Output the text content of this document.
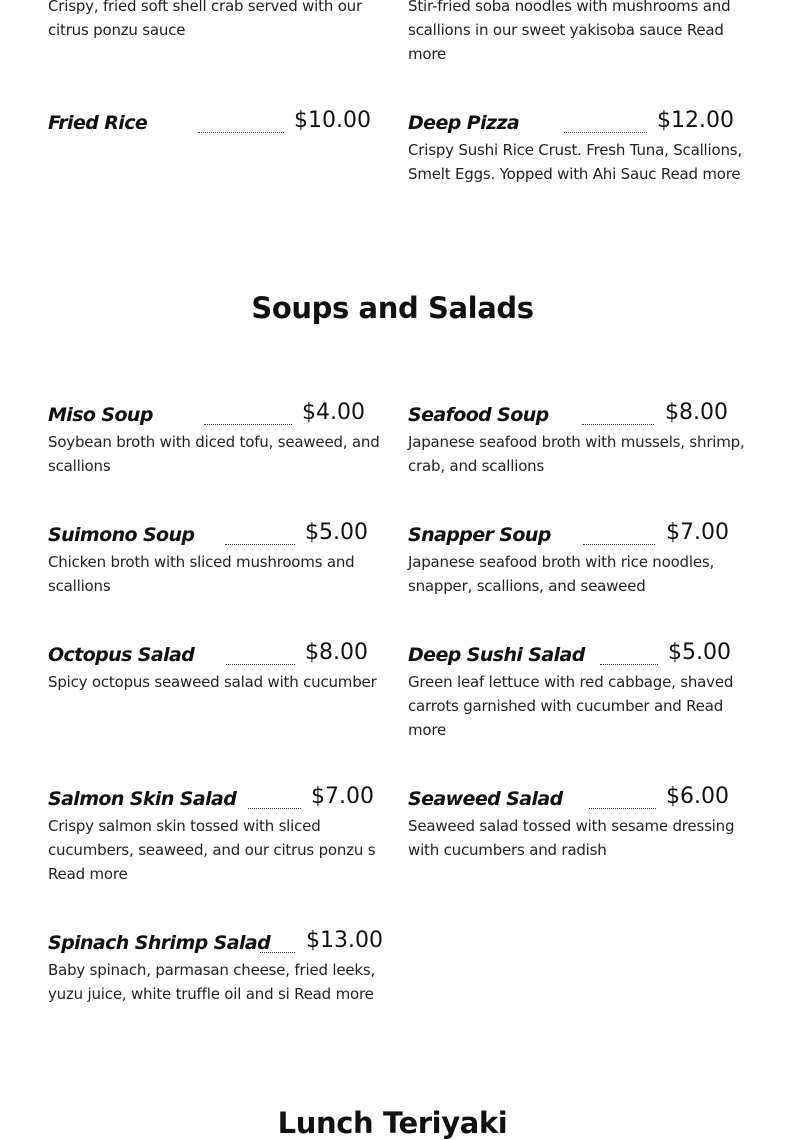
Crispy, fried soft shell crab served with our citrus ponzu sauce
Stir-fried soba noodles with mushrooms and scallions in our sweet yakisoba sauce Read more
Fried Rice	$10.00 Deep Pizza	$12.00
Crispy Sushi Rice Crust. Fresh Tuna, Scallions, Smelt Eggs. Yopped with Ahi Sauc Read more
Soups and Salads
Miso Soup	$4.00
Soybean broth with diced tofu, seaweed, and scallions
Seafood Soup	$8.00
Japanese seafood broth with mussels, shrimp, crab, and scallions
Suimono Soup	$5.00
Chicken broth with sliced mushrooms and scallions
Snapper Soup	$7.00
Japanese seafood broth with rice noodles, snapper, scallions, and seaweed
Octopus Salad	$8.00
Spicy octopus seaweed salad with cucumber
Deep Sushi Salad	$5.00
Green leaf lettuce with red cabbage, shaved carrots garnished with cucumber and Read more
Salmon Skin Salad	$7.00
Crispy salmon skin tossed with sliced cucumbers, seaweed, and our citrus ponzu s Read more
Seaweed Salad	$6.00
Seaweed salad tossed with sesame dressing with cucumbers and radish
Spinach Shrimp Salad $13.00
Baby spinach, parmasan cheese, fried leeks, yuzu juice, white truffle oil and si Read more
Lunch Teriyaki
